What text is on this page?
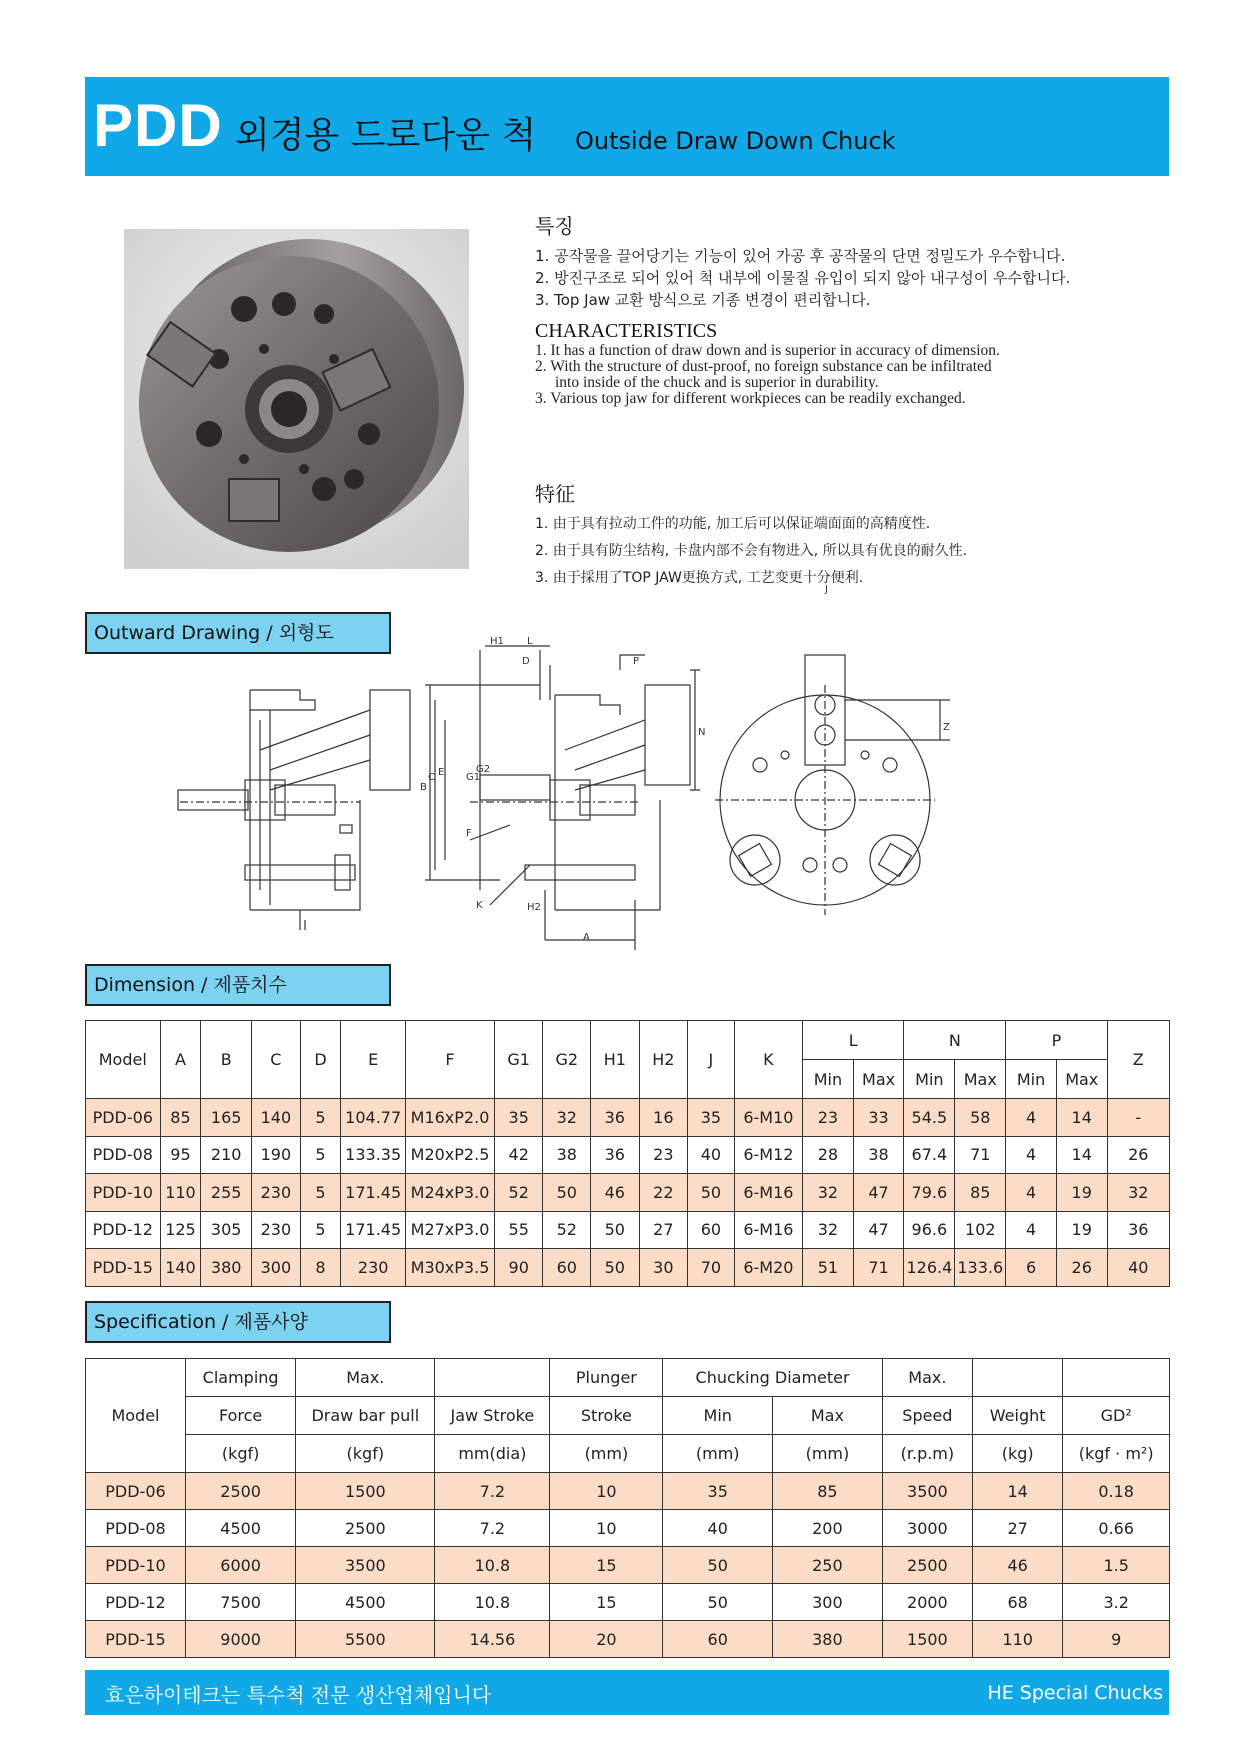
PDD 외경용 드로다운 척 Outside Draw Down Chuck
특징
1. 공작물을 끌어당기는 기능이 있어 가공 후 공작물의 단면 정밀도가 우수합니다.
2. 방진구조로 되어 있어 척 내부에 이물질 유입이 되지 않아 내구성이 우수합니다.
3. Top Jaw 교환 방식으로 기종 변경이 편리합니다.
CHARACTERISTICS
1. It has a function of draw down and is superior in accuracy of dimension.
2. With the structure of dust-proof, no foreign substance can be infiltrated
into inside of the chuck and is superior in durability.
3. Various top jaw for different workpieces can be readily exchanged.
特征
1. 由于具有拉动工件的功能, 加工后可以保证端面面的高精度性.
2. 由于具有防尘结构, 卡盘内部不会有物进入, 所以具有优良的耐久性.
3. 由于採用了TOP JAW更换方式, 工艺变更十分便利.
Outward Drawing / 외형도	H1 L
D	P
N
B
C E G1
G2
F
K	H2
A
J
Z
Dimension / 제품치수
Model	A	B	C	D	E	F	G1	G2	H1	H2	J	K	L		N		P		Z
													Min	Max	Min	Max	Min	Max	
PDD-06	85	165	140	5	104.77	M16xP2.0	35	32	36	16	35	6-M10	23	33	54.5	58	4	14	-
PDD-08	95	210	190	5	133.35	M20xP2.5	42	38	36	23	40	6-M12	28	38	67.4	71	4	14	26
PDD-10	110	255	230	5	171.45	M24xP3.0	52	50	46	22	50	6-M16	32	47	79.6	85	4	19	32
PDD-12	125	305	230	5	171.45	M27xP3.0	55	52	50	27	60	6-M16	32	47	96.6	102	4	19	36
PDD-15	140	380	300	8	230	M30xP3.5	90	60	50	30	70	6-M20	51	71	126.4	133.6	6	26	40
Specification / 제품사양
Model	Clamping	Max.		Plunger	Chucking Diameter		Max.		
	Force	Draw bar pull	Jaw Stroke	Stroke	Min	Max	Speed	Weight	GD²
	(kgf)	(kgf)	mm(dia)	(mm)	(mm)	(mm)	(r.p.m)	(kg)	(kgf · m²)
PDD-06	2500	1500	7.2	10	35	85	3500	14	0.18
PDD-08	4500	2500	7.2	10	40	200	3000	27	0.66
PDD-10	6000	3500	10.8	15	50	250	2500	46	1.5
PDD-12	7500	4500	10.8	15	50	300	2000	68	3.2
PDD-15	9000	5500	14.56	20	60	380	1500	110	9
효은하이테크는 특수척 전문 생산업체입니다	HE Special Chucks
